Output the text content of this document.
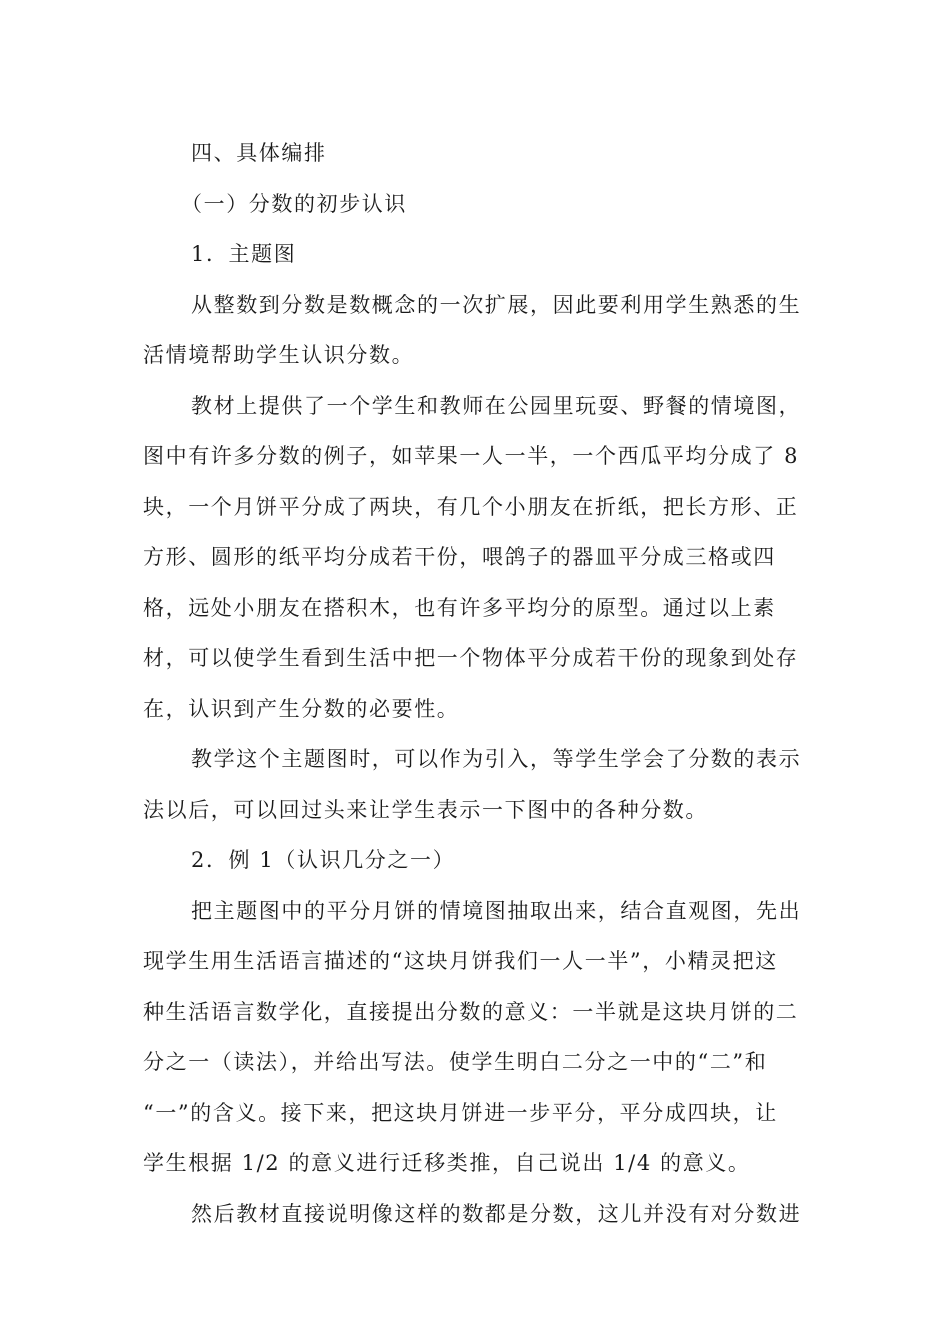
四、具体编排
（一）分数的初步认识
1．主题图
从整数到分数是数概念的一次扩展，因此要利用学生熟悉的生
活情境帮助学生认识分数。
教材上提供了一个学生和教师在公园里玩耍、野餐的情境图，
图中有许多分数的例子，如苹果一人一半，一个西瓜平均分成了 8
块，一个月饼平分成了两块，有几个小朋友在折纸，把长方形、正
方形、圆形的纸平均分成若干份，喂鸽子的器皿平分成三格或四
格，远处小朋友在搭积木，也有许多平均分的原型。通过以上素
材，可以使学生看到生活中把一个物体平分成若干份的现象到处存
在，认识到产生分数的必要性。
教学这个主题图时，可以作为引入，等学生学会了分数的表示
法以后，可以回过头来让学生表示一下图中的各种分数。
2．例 1（认识几分之一）
把主题图中的平分月饼的情境图抽取出来，结合直观图，先出
现学生用生活语言描述的“这块月饼我们一人一半”，小精灵把这
种生活语言数学化，直接提出分数的意义：一半就是这块月饼的二
分之一（读法），并给出写法。使学生明白二分之一中的“二”和
“一”的含义。接下来，把这块月饼进一步平分，平分成四块，让
学生根据 1/2 的意义进行迁移类推，自己说出 1/4 的意义。
然后教材直接说明像这样的数都是分数，这儿并没有对分数进
